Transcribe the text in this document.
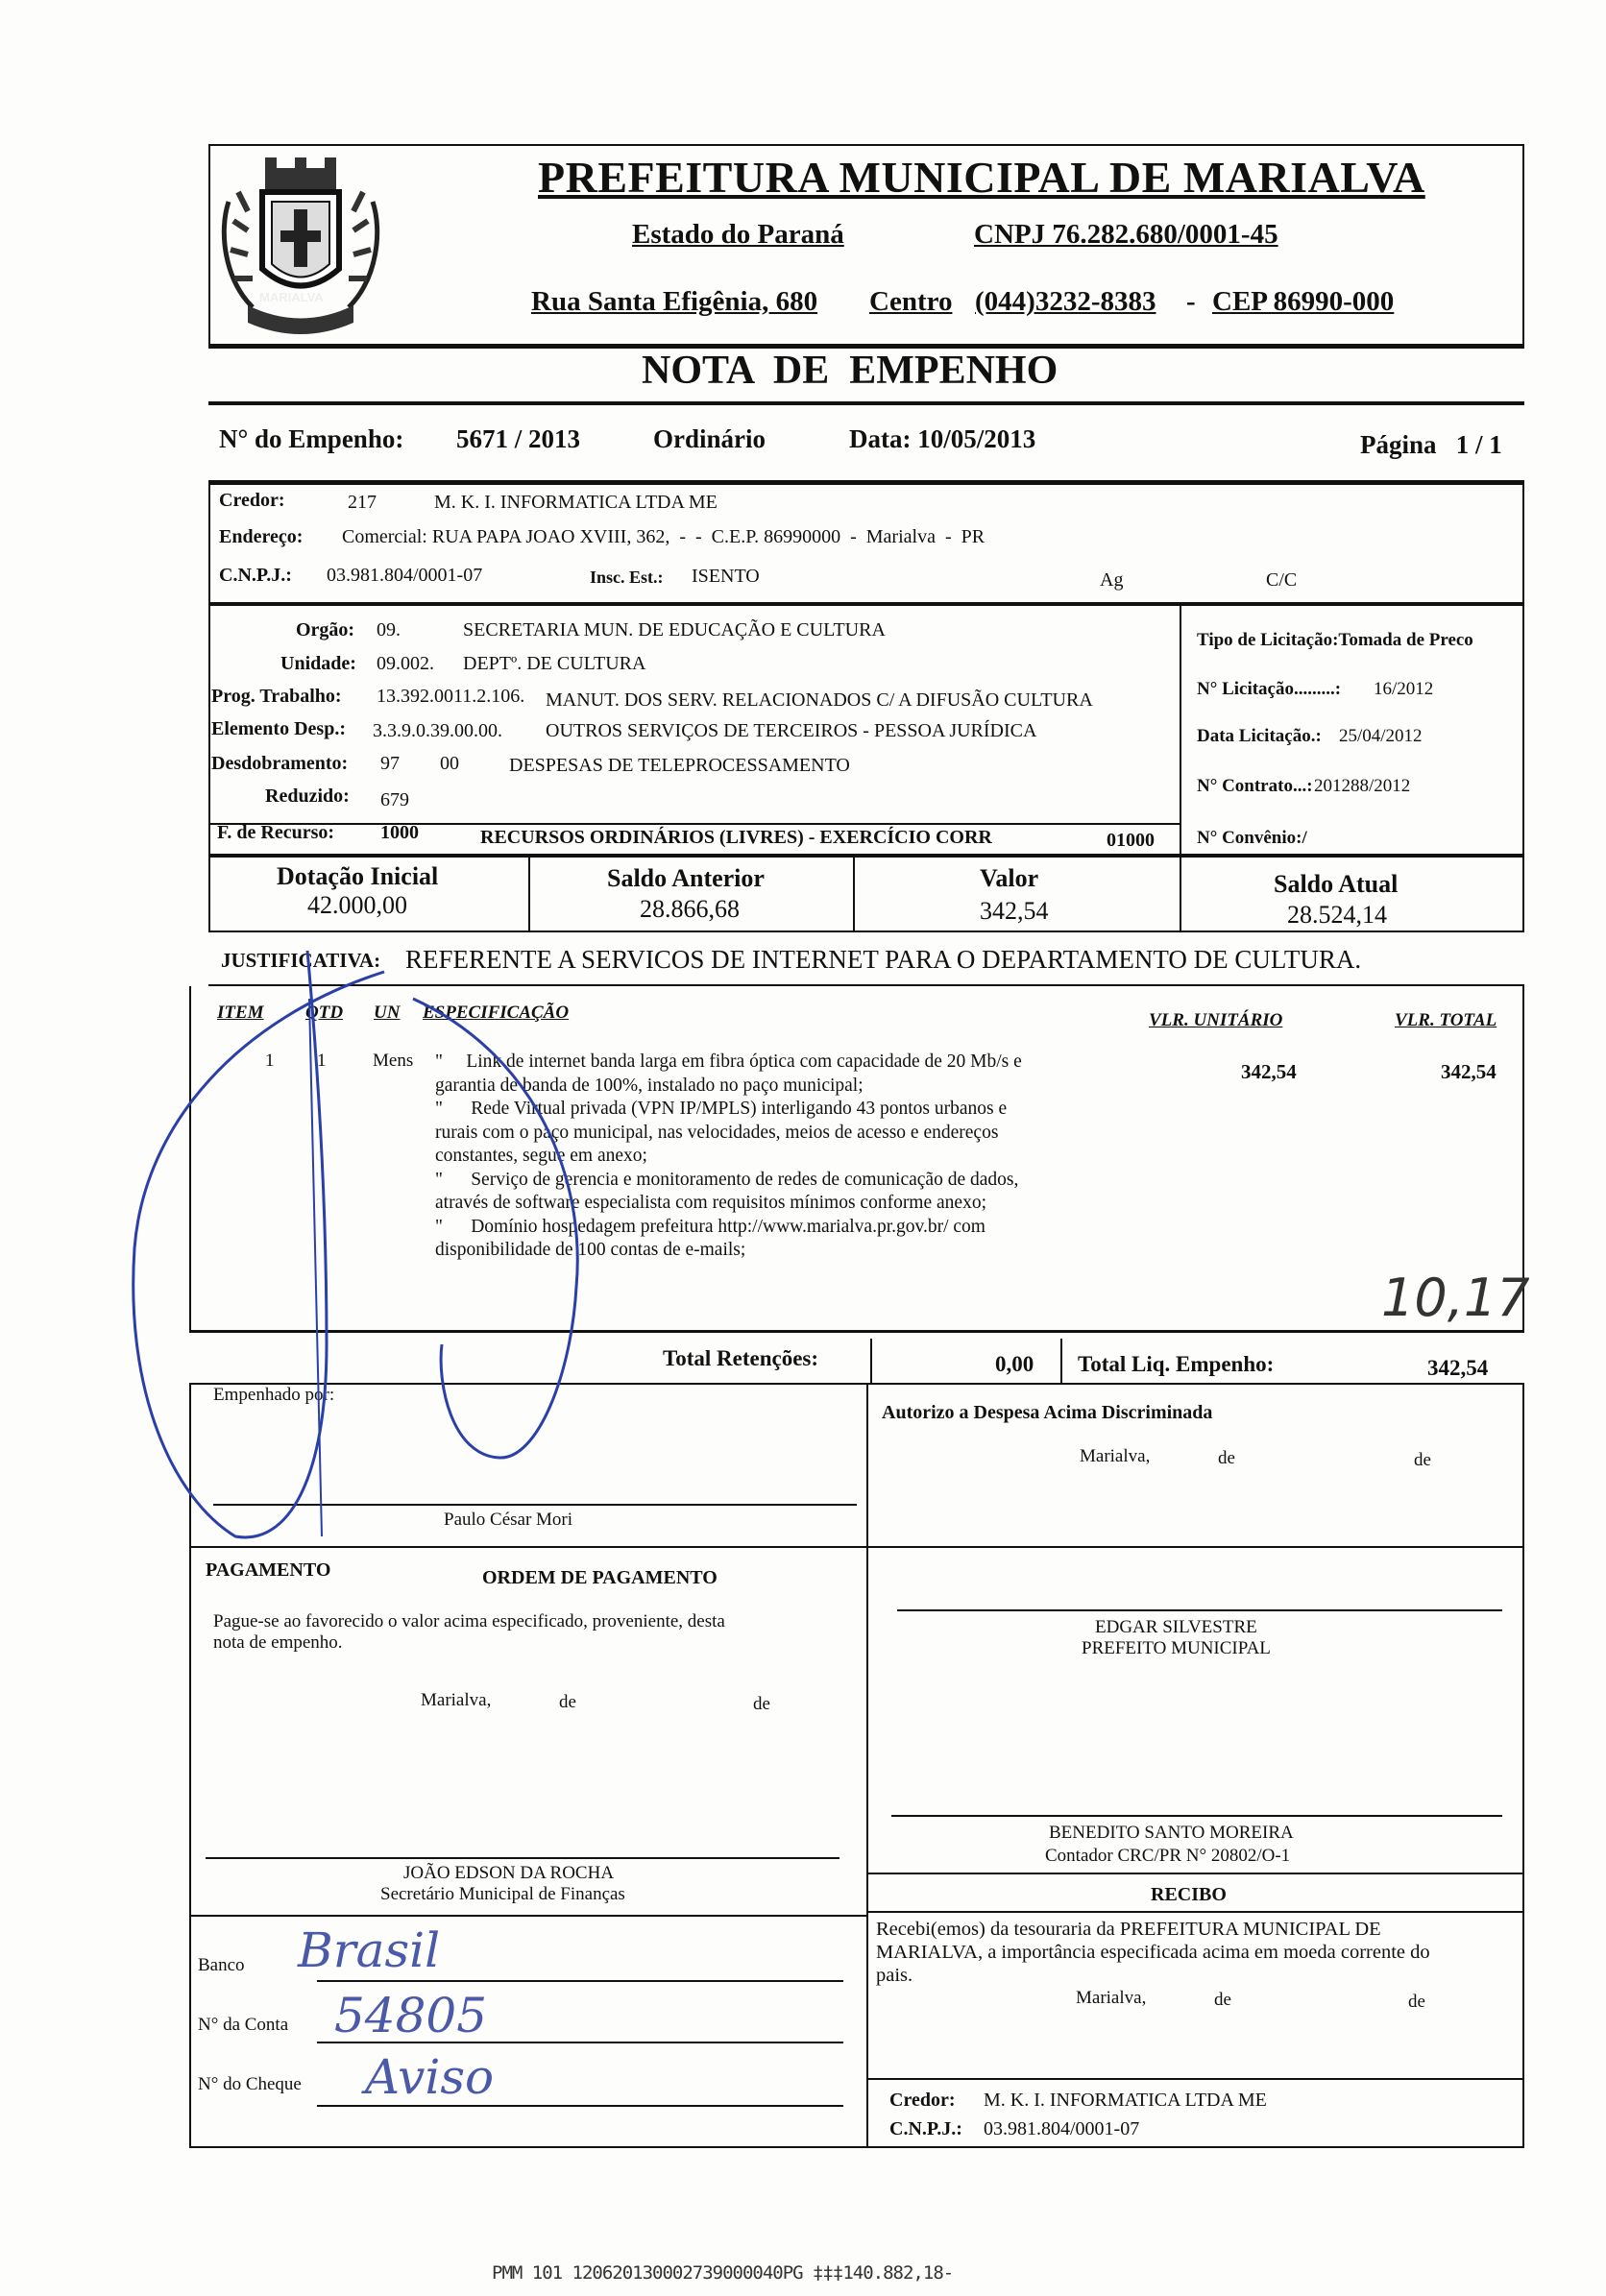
MARIALVA
PREFEITURA MUNICIPAL DE MARIALVA
Estado do Paraná	CNPJ 76.282.680/0001-45
Rua Santa Efigênia, 680 Centro (044)3232-8383 - CEP 86990-000
NOTA  DE  EMPENHO
N° do Empenho: 5671 / 2013	Ordinário	Data: 10/05/2013	Página   1 / 1
Credor:	217	M. K. I. INFORMATICA LTDA ME
Endereço: Comercial: RUA PAPA JOAO XVIII, 362,  -  -  C.E.P. 86990000  -  Marialva  -  PR
C.N.P.J.: 03.981.804/0001-07	Insc. Est.: ISENTO	Ag	C/C
Orgão: 09.	SECRETARIA MUN. DE EDUCAÇÃO E CULTURA
Unidade: 09.002. DEPTº. DE CULTURA
Prog. Trabalho: 13.392.0011.2.106. MANUT. DOS SERV. RELACIONADOS C/ A DIFUSÃO CULTURA
Elemento Desp.: 3.3.9.0.39.00.00. OUTROS SERVIÇOS DE TERCEIROS - PESSOA JURÍDICA
Desdobramento: 97 00	DESPESAS DE TELEPROCESSAMENTO
Reduzido: 679
F. de Recurso: 1000	RECURSOS ORDINÁRIOS (LIVRES) - EXERCÍCIO CORR	01000
Tipo de Licitação:Tomada de Preco
N° Licitação.........: 16/2012
Data Licitação.: 25/04/2012
N° Contrato...: 201288/2012
N° Convênio:/
Dotação Inicial
42.000,00
Saldo Anterior
28.866,68
Valor
342,54
Saldo Atual
28.524,14
JUSTIFICATIVA: REFERENTE A SERVICOS DE INTERNET PARA O DEPARTAMENTO DE CULTURA.
ITEM QTD UN ESPECIFICAÇÃO	VLR. UNITÁRIO	VLR. TOTAL
1 1	Mens	342,54	342,54
"     Link de internet banda larga em fibra óptica com capacidade de 20 Mb/s e
garantia de banda de 100%, instalado no paço municipal;
"      Rede Virtual privada (VPN IP/MPLS) interligando 43 pontos urbanos e
rurais com o paço municipal, nas velocidades, meios de acesso e endereços
constantes, segue em anexo;
"      Serviço de gerencia e monitoramento de redes de comunicação de dados,
através de software especialista com requisitos mínimos conforme anexo;
"      Domínio hospedagem prefeitura http://www.marialva.pr.gov.br/ com
disponibilidade de 100 contas de e-mails;
10,17
Total Retenções:	0,00 Total Liq. Empenho:	342,54
Empenhado por:
Paulo César Mori
Autorizo a Despesa Acima Discriminada
Marialva,	de	de
PAGAMENTO	ORDEM DE PAGAMENTO
Pague-se ao favorecido o valor acima especificado, proveniente, desta
nota de empenho.
Marialva,	de	de
EDGAR SILVESTRE
PREFEITO MUNICIPAL
BENEDITO SANTO MOREIRA
Contador CRC/PR N° 20802/O-1
JOÃO EDSON DA ROCHA
Secretário Municipal de Finanças	RECIBO
Recebi(emos) da tesouraria da PREFEITURA MUNICIPAL DE
MARIALVA, a importância especificada acima em moeda corrente do
pais.
Marialva,	de	de
Banco Brasil
N° da Conta 54805
N° do Cheque Aviso	Credor: M. K. I. INFORMATICA LTDA ME
C.N.P.J.: 03.981.804/0001-07
PMM 101 120620130002739000040PG ‡‡‡140.882,18-
